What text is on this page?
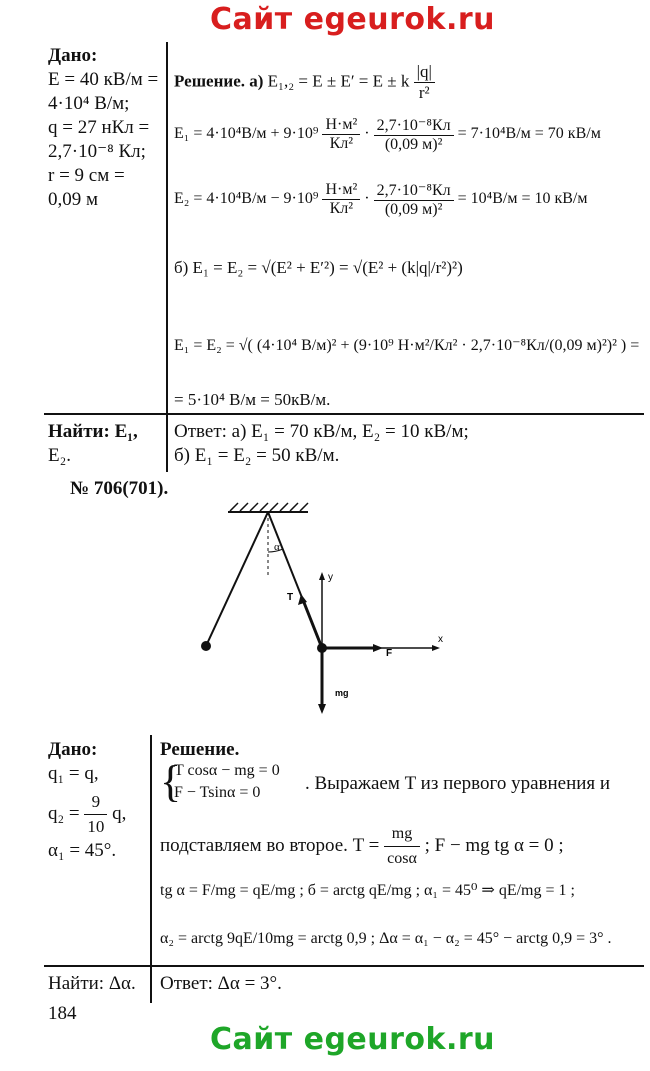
Сайт egeurok.ru
Дано:
E = 40 кВ/м =
4·10⁴ В/м;
q = 27 нКл =
2,7·10⁻⁸ Кл;
r = 9 см =
0,09 м
Решение. а) E₁,₂ = E ± E′ = E ± k $\frac{|q|}{\text{r²}}$
$E_1 = 4\cdot 10^4В/м + 9\cdot 10^9 \frac{\text{Н·м²}}{\text{Кл²}} \cdot \frac{\text{2,7·10⁻⁸Кл}}{\text{(0,09 м)²}} = 7\cdot 10^4В/м = 70$ кВ/м
$E_2 = 4\cdot 10^4В/м - 9\cdot 10^9 \frac{\text{Н·м²}}{\text{Кл²}} \cdot \frac{\text{2,7·10⁻⁸Кл}}{\text{(0,09 м)²}} = 10^4В/м = 10$ кВ/м
б) E₁ = E₂ = √(E² + E′²) = √(E² + (k|q|/r²)²)
E₁ = E₂ = √( (4·10⁴ В/м)² + (9·10⁹ Н·м²/Кл² · 2,7·10⁻⁸Кл/(0,09 м)²)² ) =
= 5·10⁴ В/м = 50кВ/м.
Найти: E₁,
E₂.
Ответ: а) E₁ = 70 кВ/м, E₂ = 10 кВ/м;
б) E₁ = E₂ = 50 кВ/м.
№ 706(701).
α
y
x
T
F
mg
Дано:
q₁ = q,
$q_2 = \frac{9}{10} q$,
α₁ = 45°.
Решение.
{
T cosα − mg = 0
F − Tsinα = 0 . Выражаем T из первого уравнения и
подставляем во второе. $T = \frac{mg}{\cos\alpha}$ ; F − mg tg α = 0 ;
tg α = F/mg = qE/mg ; б = arctg qE/mg ; α₁ = 45⁰ ⇒ qE/mg = 1 ;
α₂ = arctg 9qE/10mg = arctg 0,9 ; Δα = α₁ − α₂ = 45° − arctg 0,9 = 3° .
Найти: Δα. Ответ: Δα = 3°.
184
Сайт egeurok.ru
